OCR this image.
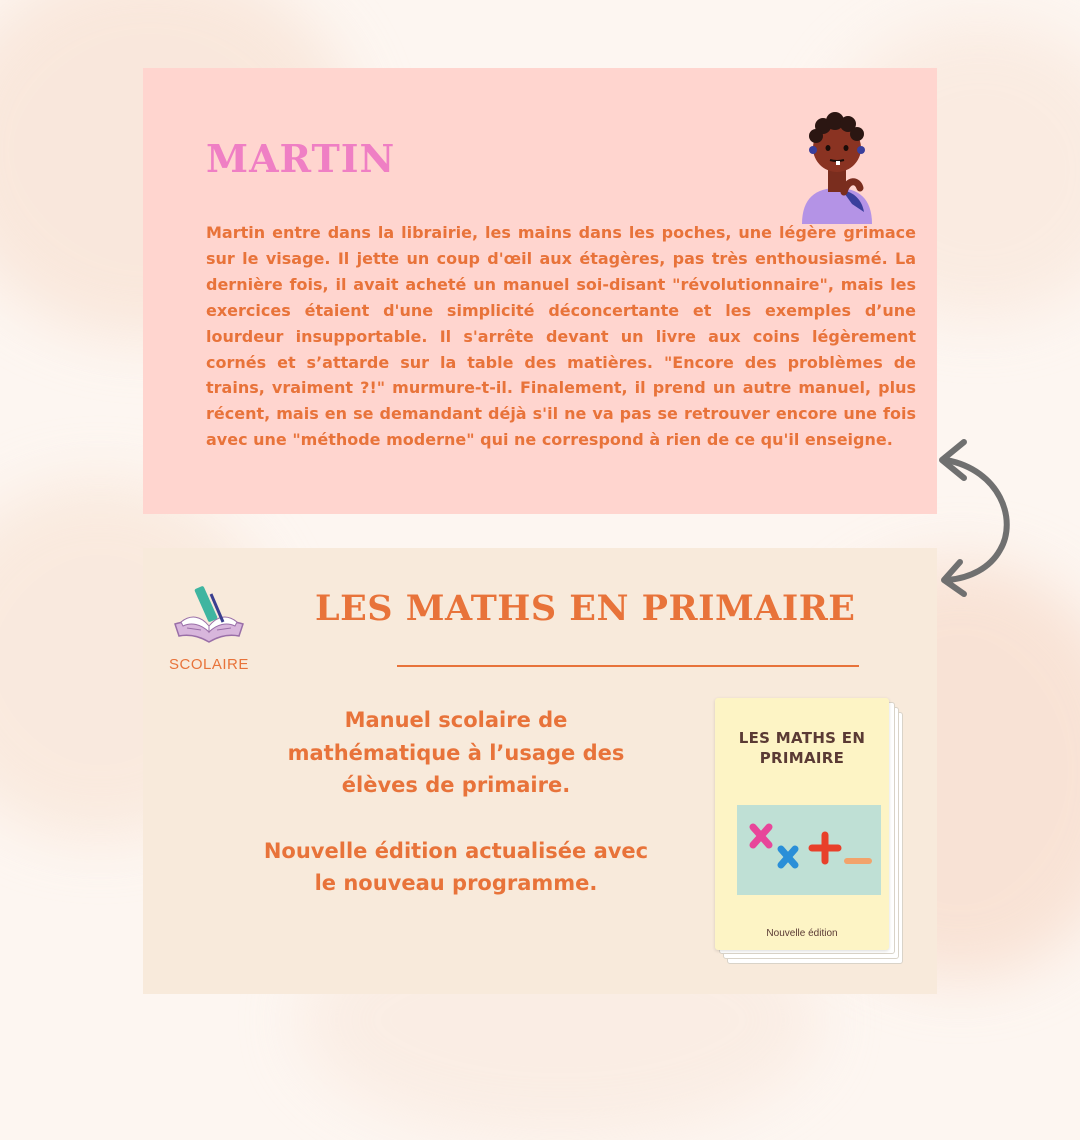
MARTIN

Martin entre dans la librairie, les mains dans les poches, une légère grimace sur le visage. Il jette un coup d'œil aux étagères, pas très enthousiasmé. La dernière fois, il avait acheté un manuel soi-disant "révolutionnaire", mais les exercices étaient d'une simplicité déconcertante et les exemples d’une lourdeur insupportable. Il s'arrête devant un livre aux coins légèrement cornés et s’attarde sur la table des matières. "Encore des problèmes de trains, vraiment ?!" murmure-t-il. Finalement, il prend un autre manuel, plus récent, mais en se demandant déjà s'il ne va pas se retrouver encore une fois avec une "méthode moderne" qui ne correspond à rien de ce qu'il enseigne.

SCOLAIRE
LES MATHS EN PRIMAIRE

Manuel scolaire de mathématique à l’usage des élèves de primaire.

Nouvelle édition actualisée avec le nouveau programme.

LES MATHS EN PRIMAIRE
Nouvelle édition
